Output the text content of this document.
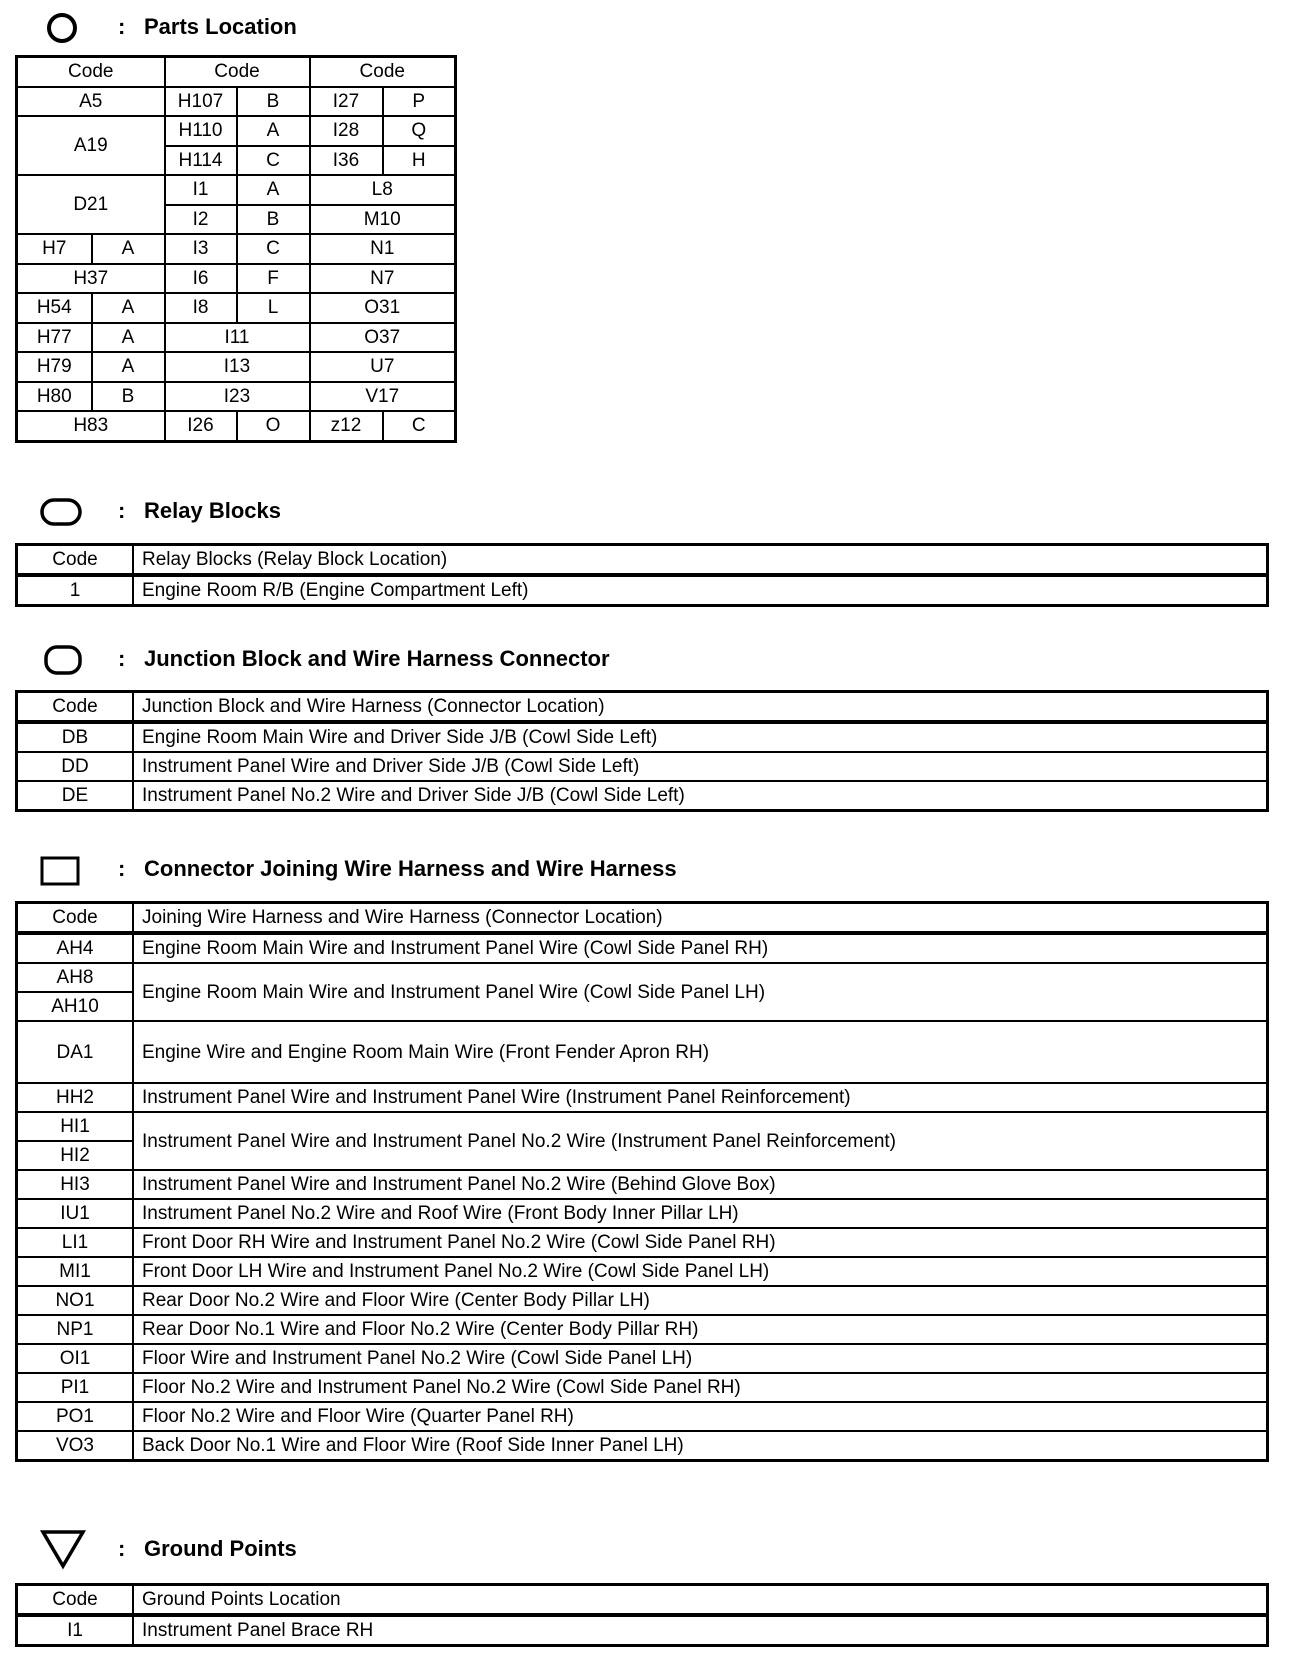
: Parts Location
Code		Code		Code	
A5		H107	B	I27	P
A19		H110	A	I28	Q
		H114	C	I36	H
D21		I1	A	L8	
		I2	B	M10	
H7	A	I3	C	N1	
H37		I6	F	N7	
H54	A	I8	L	O31	
H77	A	I11		O37	
H79	A	I13		U7	
H80	B	I23		V17	
H83		I26	O	z12	C
: Relay Blocks
Code	Relay Blocks (Relay Block Location)
1	Engine Room R/B (Engine Compartment Left)
: Junction Block and Wire Harness Connector
Code	Junction Block and Wire Harness (Connector Location)
DB	Engine Room Main Wire and Driver Side J/B (Cowl Side Left)
DD	Instrument Panel Wire and Driver Side J/B (Cowl Side Left)
DE	Instrument Panel No.2 Wire and Driver Side J/B (Cowl Side Left)
: Connector Joining Wire Harness and Wire Harness
Code	Joining Wire Harness and Wire Harness (Connector Location)
AH4	Engine Room Main Wire and Instrument Panel Wire (Cowl Side Panel RH)
AH8	Engine Room Main Wire and Instrument Panel Wire (Cowl Side Panel LH)
AH10	
DA1	Engine Wire and Engine Room Main Wire (Front Fender Apron RH)
HH2	Instrument Panel Wire and Instrument Panel Wire (Instrument Panel Reinforcement)
HI1	Instrument Panel Wire and Instrument Panel No.2 Wire (Instrument Panel Reinforcement)
HI2	
HI3	Instrument Panel Wire and Instrument Panel No.2 Wire (Behind Glove Box)
IU1	Instrument Panel No.2 Wire and Roof Wire (Front Body Inner Pillar LH)
LI1	Front Door RH Wire and Instrument Panel No.2 Wire (Cowl Side Panel RH)
MI1	Front Door LH Wire and Instrument Panel No.2 Wire (Cowl Side Panel LH)
NO1	Rear Door No.2 Wire and Floor Wire (Center Body Pillar LH)
NP1	Rear Door No.1 Wire and Floor No.2 Wire (Center Body Pillar RH)
OI1	Floor Wire and Instrument Panel No.2 Wire (Cowl Side Panel LH)
PI1	Floor No.2 Wire and Instrument Panel No.2 Wire (Cowl Side Panel RH)
PO1	Floor No.2 Wire and Floor Wire (Quarter Panel RH)
VO3	Back Door No.1 Wire and Floor Wire (Roof Side Inner Panel LH)
: Ground Points
Code	Ground Points Location
I1	Instrument Panel Brace RH
